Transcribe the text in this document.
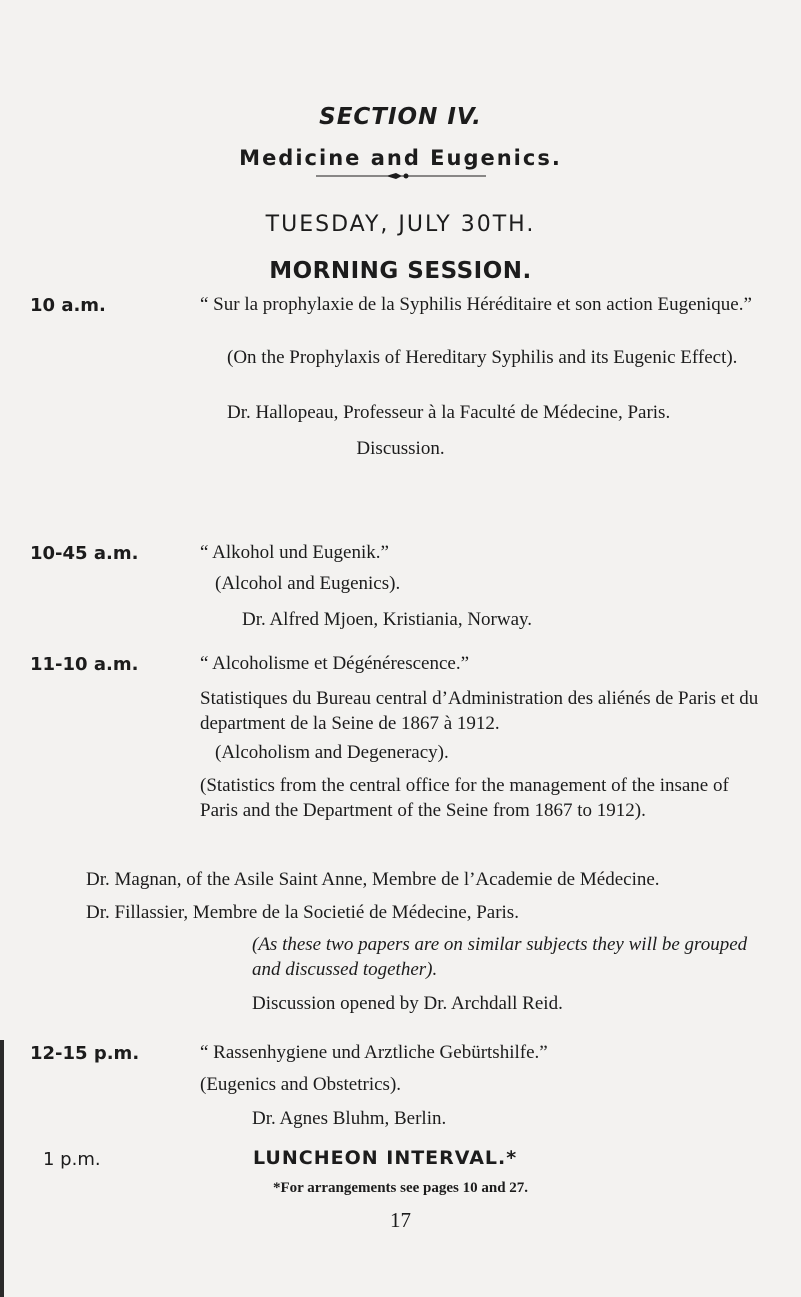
SECTION IV.
Medicine and Eugenics.
TUESDAY, JULY 30TH.
MORNING SESSION.
10 a.m.	“ Sur la prophylaxie de la Syphilis Héréditaire et son action Eugenique.”

(On the Prophylaxis of Hereditary Syphilis and its Eugenic Effect).

Dr. Hallopeau, Professeur à la Faculté de Médecine, Paris.
Discussion.
10-45 a.m.	“ Alkohol und Eugenik.”
(Alcohol and Eugenics).
Dr. Alfred Mjoen, Kristiania, Norway.
11-10 a.m.	“ Alcoholisme et Dégénérescence.”

Statistiques du Bureau central d’Administration des aliénés de Paris et du department de la Seine de 1867 à 1912.

(Alcoholism and Degeneracy).

(Statistics from the central office for the management of the insane of Paris and the Department of the Seine from 1867 to 1912).

Dr. Magnan, of the Asile Saint Anne, Membre de l’Academie de Médecine.
Dr. Fillassier, Membre de la Societié de Médecine, Paris.
(As these two papers are on similar subjects they will be grouped and discussed together).
Discussion opened by Dr. Archdall Reid.
12-15 p.m.	“ Rassenhygiene und Arztliche Gebürtshilfe.”
(Eugenics and Obstetrics).
Dr. Agnes Bluhm, Berlin.
1 p.m.	LUNCHEON INTERVAL.*
*For arrangements see pages 10 and 27.
17
